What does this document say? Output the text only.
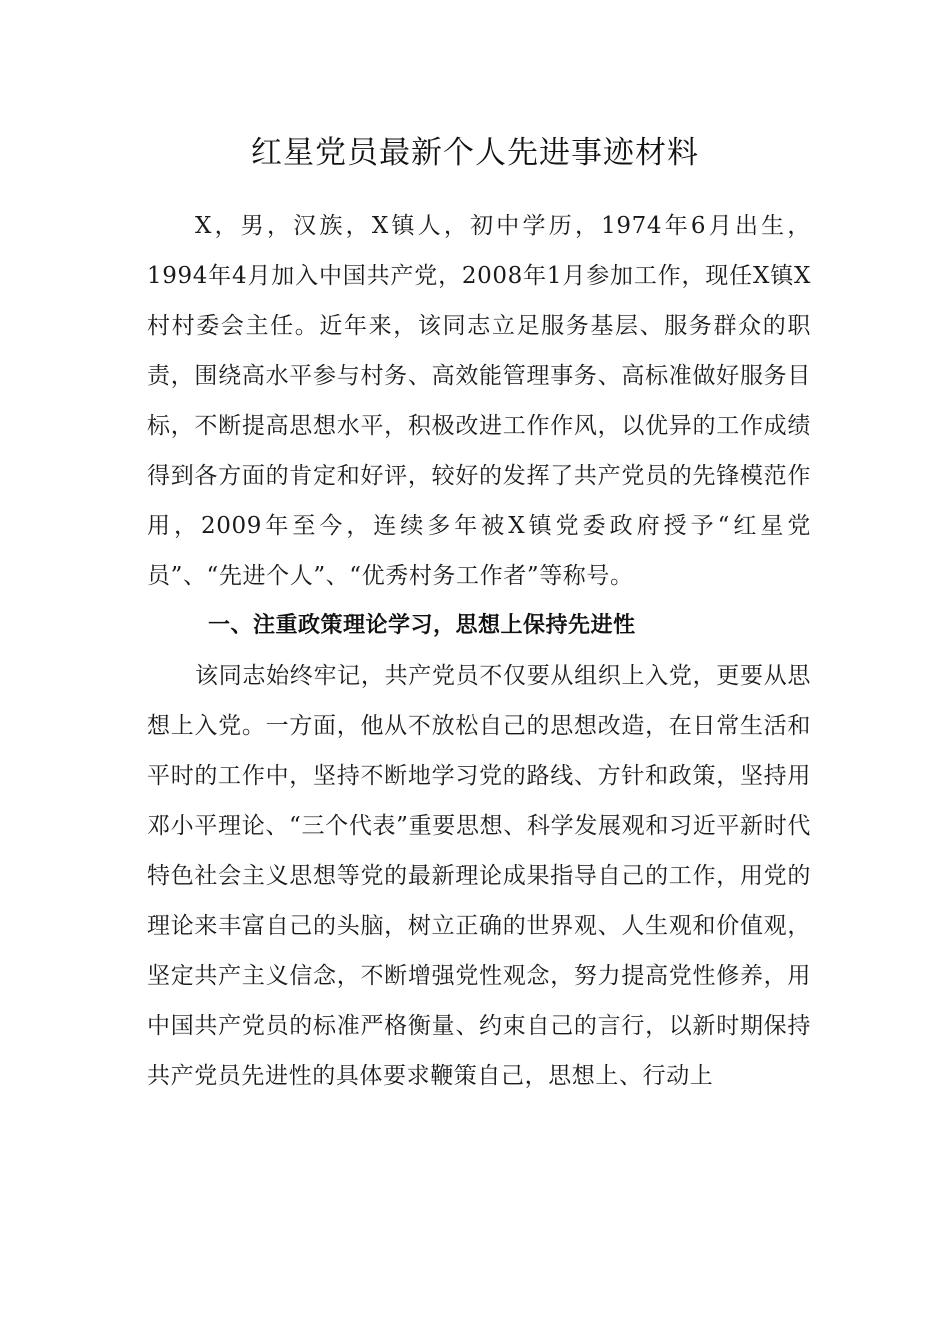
红星党员最新个人先进事迹材料

X，男，汉族，X镇人，初中学历，1974年6月出生，1994年4月加入中国共产党，2008年1月参加工作，现任X镇X村村委会主任。近年来，该同志立足服务基层、服务群众的职责，围绕高水平参与村务、高效能管理事务、高标准做好服务目标，不断提高思想水平，积极改进工作作风，以优异的工作成绩得到各方面的肯定和好评，较好的发挥了共产党员的先锋模范作用，2009年至今，连续多年被X镇党委政府授予“红星党员”、“先进个人”、“优秀村务工作者”等称号。

一、注重政策理论学习，思想上保持先进性

该同志始终牢记，共产党员不仅要从组织上入党，更要从思想上入党。一方面，他从不放松自己的思想改造，在日常生活和平时的工作中，坚持不断地学习党的路线、方针和政策，坚持用邓小平理论、“三个代表”重要思想、科学发展观和习近平新时代特色社会主义思想等党的最新理论成果指导自己的工作，用党的理论来丰富自己的头脑，树立正确的世界观、人生观和价值观，坚定共产主义信念，不断增强党性观念，努力提高党性修养，用中国共产党员的标准严格衡量、约束自己的言行，以新时期保持共产党员先进性的具体要求鞭策自己，思想上、行动上
